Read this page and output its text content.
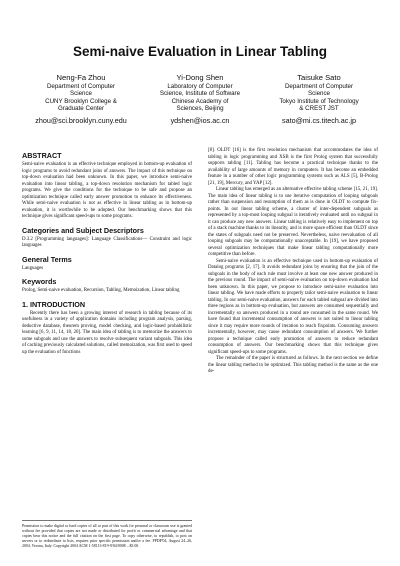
Semi-naive Evaluation in Linear Tabling
Neng-Fa Zhou
Department of Computer
Science
CUNY Brooklyn College &
Graduate Center
zhou@sci.brooklyn.cuny.edu
Yi-Dong Shen
Laboratory of Computer
Science, Institute of Software
Chinese Academy of
Sciences, Beijing
ydshen@ios.ac.cn
Taisuke Sato
Department of Computer
Science
Tokyo Institute of Technology
& CREST JST
sato@mi.cs.titech.ac.jp
ABSTRACT

Semi-naive evaluation is an effective technique employed in bottom-up evaluation of logic programs to avoid redundant joins of answers. The impact of this technique on top-down evaluation had been unknown. In this paper, we introduce semi-naive evaluation into linear tabling, a top-down resolution mechanism for tabled logic programs. We give the conditions for the technique to be safe and propose an optimization technique called early answer promotion to enhance its effectiveness. While semi-naive evaluation is not as effective in linear tabling as in bottom-up evaluation, it is worthwhile to be adopted. Our benchmarking shows that this technique gives significant speed-ups to some programs.

Categories and Subject Descriptors

D.3.2 [Programming languages]: Language Classifications— Constraint and logic languages

General Terms

Languages

Keywords

Prolog, Semi-naive evaluation, Recursion, Tabling, Memoization, Linear tabling

1. INTRODUCTION

Recently there has been a growing interest of research in tabling because of its usefulness in a variety of application domains including program analysis, parsing, deductive database, theorem proving, model checking, and logic-based probabilistic learning [6, 9, 11, 14, 18, 20]. The main idea of tabling is to memorize the answers to some subgoals and use the answers to resolve subsequent variant subgoals. This idea of caching previously calculated solutions, called memoization, was first used to speed up the evaluation of functions

Permission to make digital or hard copies of all or part of this work for personal or classroom use is granted without fee provided that copies are not made or distributed for profit or commercial advantage and that copies bear this notice and the full citation on the first page. To copy otherwise, to republish, to post on servers or to redistribute to lists, requires prior specific permission and/or a fee. PPDP'04, August 24–26, 2004, Verona, Italy. Copyright 2004 ACM 1-58113-819-9/04/0008 ...$5.00.

[8]. OLDT [16] is the first resolution mechanism that accommodates the idea of tabling in logic programming and XSB is the first Prolog system that successfully supports tabling [11]. Tabling has become a practical technique thanks to the availability of large amounts of memory in computers. It has become an embedded feature in a number of other logic programming systems such as ALS [5], B-Prolog [21, 19], Mercury, and YAP [12].

Linear tabling has emerged as an alternative effective tabling scheme [15, 21, 19]. The main idea of linear tabling is to use iterative computation of looping subgoals rather than suspension and resumption of them as is done in OLDT to compute fix-points. In our linear tabling scheme, a cluster of inter-dependent subgoals as represented by a top-most looping subgoal is iteratively evaluated until no subgoal in it can produce any new answers. Linear tabling is relatively easy to implement on top of a stack machine thanks to its linearity, and is more space efficient than OLDT since the states of subgoals need not be preserved. Nevertheless, naive reevaluation of all looping subgoals may be computationally unacceptable. In [19], we have proposed several optimization techniques that make linear tabling computationally more competitive than before.

Semi-naive evaluation is an effective technique used in bottom-up evaluation of Datalog programs [2, 17]. It avoids redundant joins by ensuring that the join of the subgoals in the body of each rule must involve at least one new answer produced in the previous round. The impact of semi-naive evaluation on top-down evaluation had been unknown. In this paper, we propose to introduce semi-naive evaluation into linear tabling. We have made efforts to properly tailor semi-naive evaluation to linear tabling. In our semi-naive evaluation, answers for each tabled subgoal are divided into three regions as in bottom-up evaluation, but answers are consumed sequentially and incrementally so answers produced in a round are consumed in the same round. We have found that incremental consumption of answers is not suited to linear tabling since it may require more rounds of iteration to reach fixpoints. Consuming answers incrementally, however, may cause redundant consumption of answers. We further propose a technique called early promotion of answers to reduce redundant consumption of answers. Our benchmarking shows that this technique gives significant speed-ups to some programs.

The remainder of the paper is structured as follows. In the next section we define the linear tabling method to be optimized. This tabling method is the same as the one de-
